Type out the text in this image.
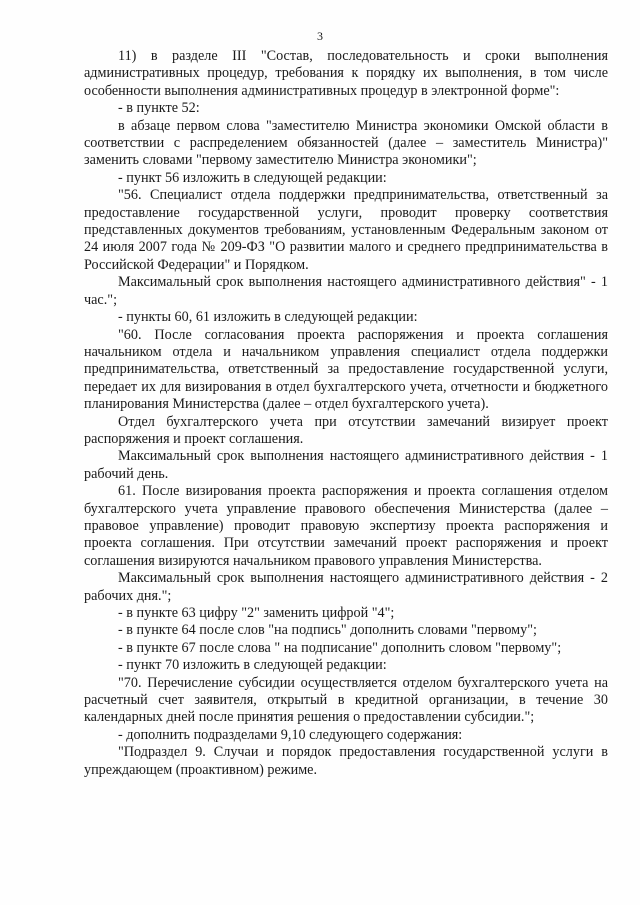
3

11) в разделе III "Состав, последовательность и сроки выполнения административных процедур, требования к порядку их выполнения, в том числе особенности выполнения административных процедур в электронной форме":

- в пункте 52:

в абзаце первом слова "заместителю Министра экономики Омской области в соответствии с распределением обязанностей (далее – заместитель Министра)" заменить словами "первому заместителю Министра экономики";

- пункт 56 изложить в следующей редакции:

"56. Специалист отдела поддержки предпринимательства, ответственный за предоставление государственной услуги, проводит проверку соответствия представленных документов требованиям, установленным Федеральным законом от 24 июля 2007 года № 209-ФЗ "О развитии малого и среднего предпринимательства в Российской Федерации" и Порядком.

Максимальный срок выполнения настоящего административного действия" - 1 час.";

- пункты 60, 61 изложить в следующей редакции:

"60. После согласования проекта распоряжения и проекта соглашения начальником отдела и начальником управления специалист отдела поддержки предпринимательства, ответственный за предоставление государственной услуги, передает их для визирования в отдел бухгалтерского учета, отчетности и бюджетного планирования Министерства (далее – отдел бухгалтерского учета).

Отдел бухгалтерского учета при отсутствии замечаний визирует проект распоряжения и проект соглашения.

Максимальный срок выполнения настоящего административного действия - 1 рабочий день.

61. После визирования проекта распоряжения и проекта соглашения отделом бухгалтерского учета управление правового обеспечения Министерства (далее – правовое управление) проводит правовую экспертизу проекта распоряжения и проекта соглашения. При отсутствии замечаний проект распоряжения и проект соглашения визируются начальником правового управления Министерства.

Максимальный срок выполнения настоящего административного действия - 2 рабочих дня.";

- в пункте 63 цифру "2" заменить цифрой "4";

- в пункте 64 после слов "на подпись" дополнить словами "первому";

- в пункте 67 после слова " на подписание" дополнить словом "первому";

- пункт 70 изложить в следующей редакции:

"70. Перечисление субсидии осуществляется отделом бухгалтерского учета на расчетный счет заявителя, открытый в кредитной организации, в течение 30 календарных дней после принятия решения о предоставлении субсидии.";

- дополнить подразделами 9,10 следующего содержания:

"Подраздел 9. Случаи и порядок предоставления государственной услуги в упреждающем (проактивном) режиме.
